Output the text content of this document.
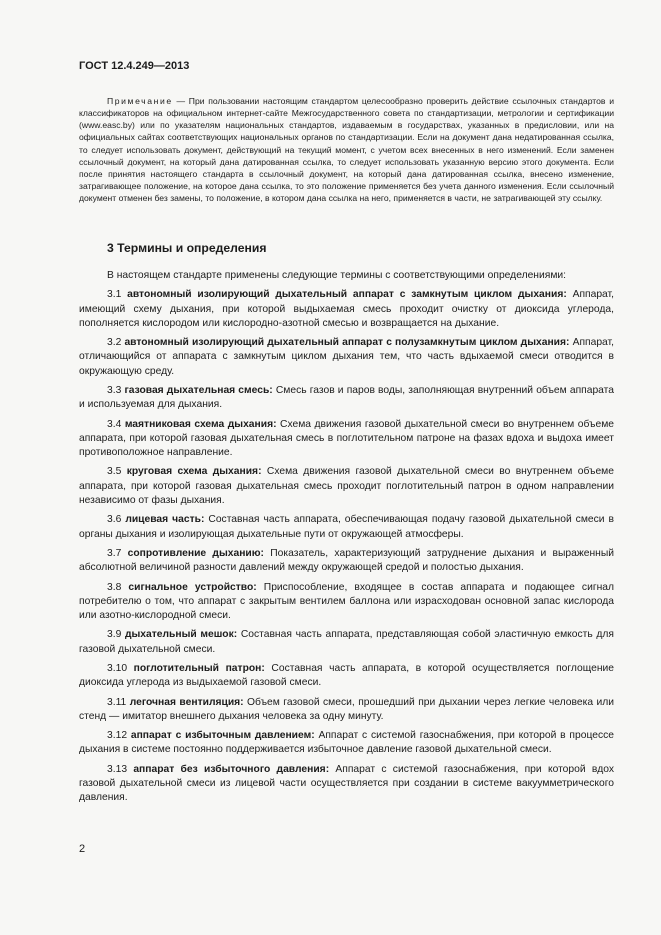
ГОСТ 12.4.249—2013

Примечание — При пользовании настоящим стандартом целесообразно проверить действие ссылочных стандартов и классификаторов на официальном интернет-сайте Межгосударственного совета по стандартизации, метрологии и сертификации (www.easc.by) или по указателям национальных стандартов, издаваемым в государствах, указанных в предисловии, или на официальных сайтах соответствующих национальных органов по стандартизации. Если на документ дана недатированная ссылка, то следует использовать документ, действующий на текущий момент, с учетом всех внесенных в него изменений. Если заменен ссылочный документ, на который дана датированная ссылка, то следует использовать указанную версию этого документа. Если после принятия настоящего стандарта в ссылочный документ, на который дана датированная ссылка, внесено изменение, затрагивающее положение, на которое дана ссылка, то это положение применяется без учета данного изменения. Если ссылочный документ отменен без замены, то положение, в котором дана ссылка на него, применяется в части, не затрагивающей эту ссылку.

3 Термины и определения

В настоящем стандарте применены следующие термины с соответствующими определениями:

3.1 автономный изолирующий дыхательный аппарат с замкнутым циклом дыхания: Аппарат, имеющий схему дыхания, при которой выдыхаемая смесь проходит очистку от диоксида углерода, пополняется кислородом или кислородно-азотной смесью и возвращается на дыхание.

3.2 автономный изолирующий дыхательный аппарат с полузамкнутым циклом дыхания: Аппарат, отличающийся от аппарата с замкнутым циклом дыхания тем, что часть вдыхаемой смеси отводится в окружающую среду.

3.3 газовая дыхательная смесь: Смесь газов и паров воды, заполняющая внутренний объем аппарата и используемая для дыхания.

3.4 маятниковая схема дыхания: Схема движения газовой дыхательной смеси во внутреннем объеме аппарата, при которой газовая дыхательная смесь в поглотительном патроне на фазах вдоха и выдоха имеет противоположное направление.

3.5 круговая схема дыхания: Схема движения газовой дыхательной смеси во внутреннем объеме аппарата, при которой газовая дыхательная смесь проходит поглотительный патрон в одном направлении независимо от фазы дыхания.

3.6 лицевая часть: Составная часть аппарата, обеспечивающая подачу газовой дыхательной смеси в органы дыхания и изолирующая дыхательные пути от окружающей атмосферы.

3.7 сопротивление дыханию: Показатель, характеризующий затруднение дыхания и выраженный абсолютной величиной разности давлений между окружающей средой и полостью дыхания.

3.8 сигнальное устройство: Приспособление, входящее в состав аппарата и подающее сигнал потребителю о том, что аппарат с закрытым вентилем баллона или израсходован основной запас кислорода или азотно-кислородной смеси.

3.9 дыхательный мешок: Составная часть аппарата, представляющая собой эластичную емкость для газовой дыхательной смеси.

3.10 поглотительный патрон: Составная часть аппарата, в которой осуществляется поглощение диоксида углерода из выдыхаемой газовой смеси.

3.11 легочная вентиляция: Объем газовой смеси, прошедший при дыхании через легкие человека или стенд — имитатор внешнего дыхания человека за одну минуту.

3.12 аппарат с избыточным давлением: Аппарат с системой газоснабжения, при которой в процессе дыхания в системе постоянно поддерживается избыточное давление газовой дыхательной смеси.

3.13 аппарат без избыточного давления: Аппарат с системой газоснабжения, при которой вдох газовой дыхательной смеси из лицевой части осуществляется при создании в системе вакуумметрического давления.

2
